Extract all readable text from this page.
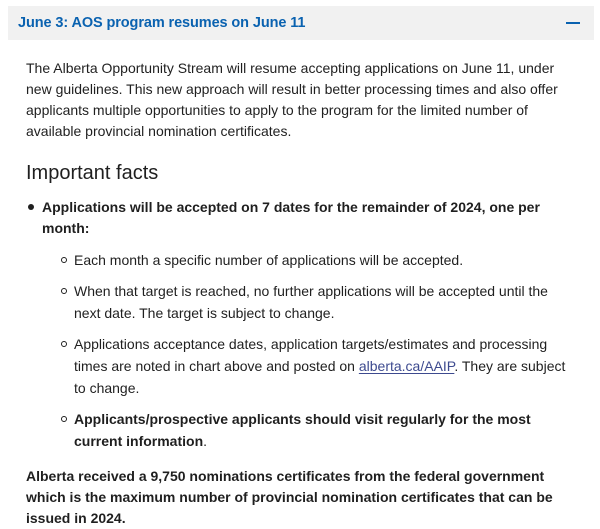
June 3: AOS program resumes on June 11

The Alberta Opportunity Stream will resume accepting applications on June 11, under new guidelines. This new approach will result in better processing times and also offer applicants multiple opportunities to apply to the program for the limited number of available provincial nomination certificates.

Important facts
Applications will be accepted on 7 dates for the remainder of 2024, one per month:
Each month a specific number of applications will be accepted.
When that target is reached, no further applications will be accepted until the next date. The target is subject to change.
Applications acceptance dates, application targets/estimates and processing times are noted in chart above and posted on alberta.ca/AAIP. They are subject to change.
Applicants/prospective applicants should visit regularly for the most current information.

Alberta received a 9,750 nominations certificates from the federal government which is the maximum number of provincial nomination certificates that can be issued in 2024.
